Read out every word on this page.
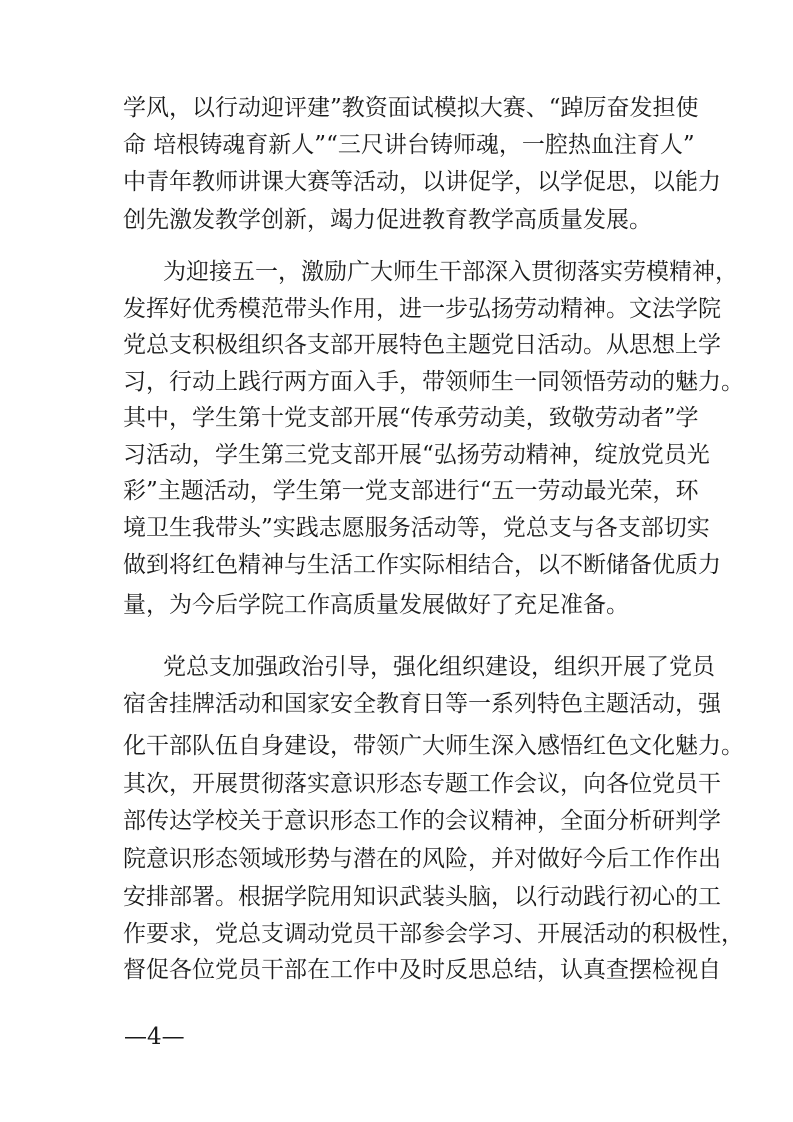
学风，以行动迎评建”教资面试模拟大赛、“踔厉奋发担使
命 培根铸魂育新人”“三尺讲台铸师魂，一腔热血注育人”
中青年教师讲课大赛等活动，以讲促学，以学促思，以能力
创先激发教学创新，竭力促进教育教学高质量发展。
为迎接五一，激励广大师生干部深入贯彻落实劳模精神，
发挥好优秀模范带头作用，进一步弘扬劳动精神。文法学院
党总支积极组织各支部开展特色主题党日活动。从思想上学
习，行动上践行两方面入手，带领师生一同领悟劳动的魅力。
其中，学生第十党支部开展“传承劳动美，致敬劳动者”学
习活动，学生第三党支部开展“弘扬劳动精神，绽放党员光
彩”主题活动，学生第一党支部进行“五一劳动最光荣，环
境卫生我带头”实践志愿服务活动等，党总支与各支部切实
做到将红色精神与生活工作实际相结合，以不断储备优质力
量，为今后学院工作高质量发展做好了充足准备。
党总支加强政治引导，强化组织建设，组织开展了党员
宿舍挂牌活动和国家安全教育日等一系列特色主题活动，强
化干部队伍自身建设，带领广大师生深入感悟红色文化魅力。
其次，开展贯彻落实意识形态专题工作会议，向各位党员干
部传达学校关于意识形态工作的会议精神，全面分析研判学
院意识形态领域形势与潜在的风险，并对做好今后工作作出
安排部署。根据学院用知识武装头脑，以行动践行初心的工
作要求，党总支调动党员干部参会学习、开展活动的积极性，
督促各位党员干部在工作中及时反思总结，认真查摆检视自
—4—
